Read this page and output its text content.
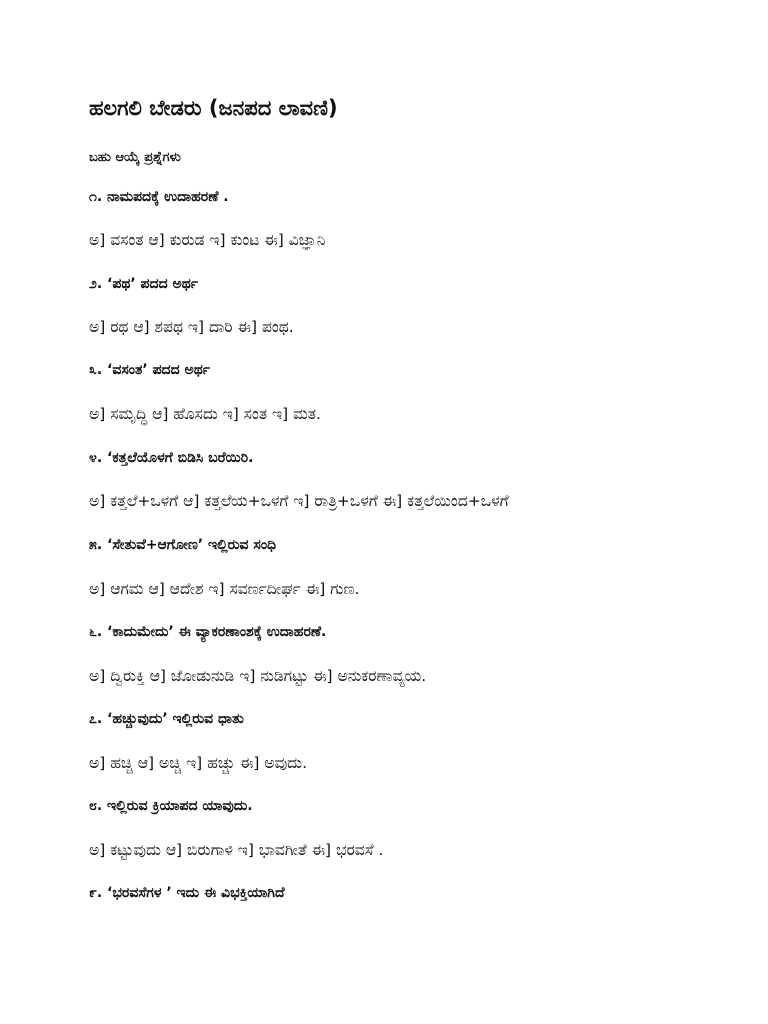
ಹಲಗಲಿ ಬೇಡರು (ಜನಪದ ಲಾವಣಿ)
ಬಹು ಆಯ್ಕೆ ಪ್ರಶ್ನೆಗಳು
೧. ನಾಮಪದಕ್ಕೆ ಉದಾಹರಣೆ .
ಅ] ವಸಂತ ಆ] ಕುರುಡ ಇ] ಕುಂಟ ಈ] ವಿಜ್ಞಾನಿ
೨. ‘ಪಥ’ ಪದದ ಅರ್ಥ
ಅ] ರಥ ಆ] ಶಪಥ ಇ] ದಾರಿ ಈ] ಪಂಥ.
೩. ‘ವಸಂತ’ ಪದದ ಅರ್ಥ
ಅ] ಸಮೃದ್ಧಿ ಆ] ಹೊಸದು ಇ] ಸಂತ ಇ] ಮತ.
೪. ‘ಕತ್ತಲೆಯೊಳಗೆ ಬಿಡಿಸಿ ಬರೆಯಿರಿ.
ಅ] ಕತ್ತಲೆ+ಒಳಗೆ ಆ] ಕತ್ತಲೆಯ+ಒಳಗೆ ಇ] ರಾತ್ರಿ+ಒಳಗೆ ಈ] ಕತ್ತಲೆಯಿಂದ+ಒಳಗೆ
೫. ‘ಸೇತುವೆ+ಆಗೋಣ’ ಇಲ್ಲಿರುವ ಸಂಧಿ
ಅ] ಆಗಮ ಆ] ಆದೇಶ ಇ] ಸವರ್ಣದೀರ್ಘ ಈ] ಗುಣ.
೬. ‘ಕಾದುಮೇದು’ ಈ ವ್ಯಾಕರಣಾಂಶಕ್ಕೆ ಉದಾಹರಣೆ.
ಅ] ದ್ವಿರುಕ್ತಿ ಆ] ಜೋಡುನುಡಿ ಇ] ನುಡಿಗಟ್ಟು ಈ] ಅನುಕರಣಾವ್ಯಯ.
೭. ‘ಹಚ್ಚುವುದು’ ಇಲ್ಲಿರುವ ಧಾತು
ಅ] ಹಚ್ಚಿ ಆ] ಅಚ್ಚಿ ಇ] ಹಚ್ಚು ಈ] ಅವುದು.
೮. ಇಲ್ಲಿರುವ ಕ್ರಿಯಾಪದ ಯಾವುದು.
ಅ] ಕಟ್ಟುವುದು ಆ] ಬಿರುಗಾಳಿ ಇ] ಭಾವಗೀತೆ ಈ] ಭರವಸೆ .
೯. ‘ಭರವಸೆಗಳ ’ ಇದು ಈ ವಿಭಕ್ತಿಯಾಗಿದೆ
